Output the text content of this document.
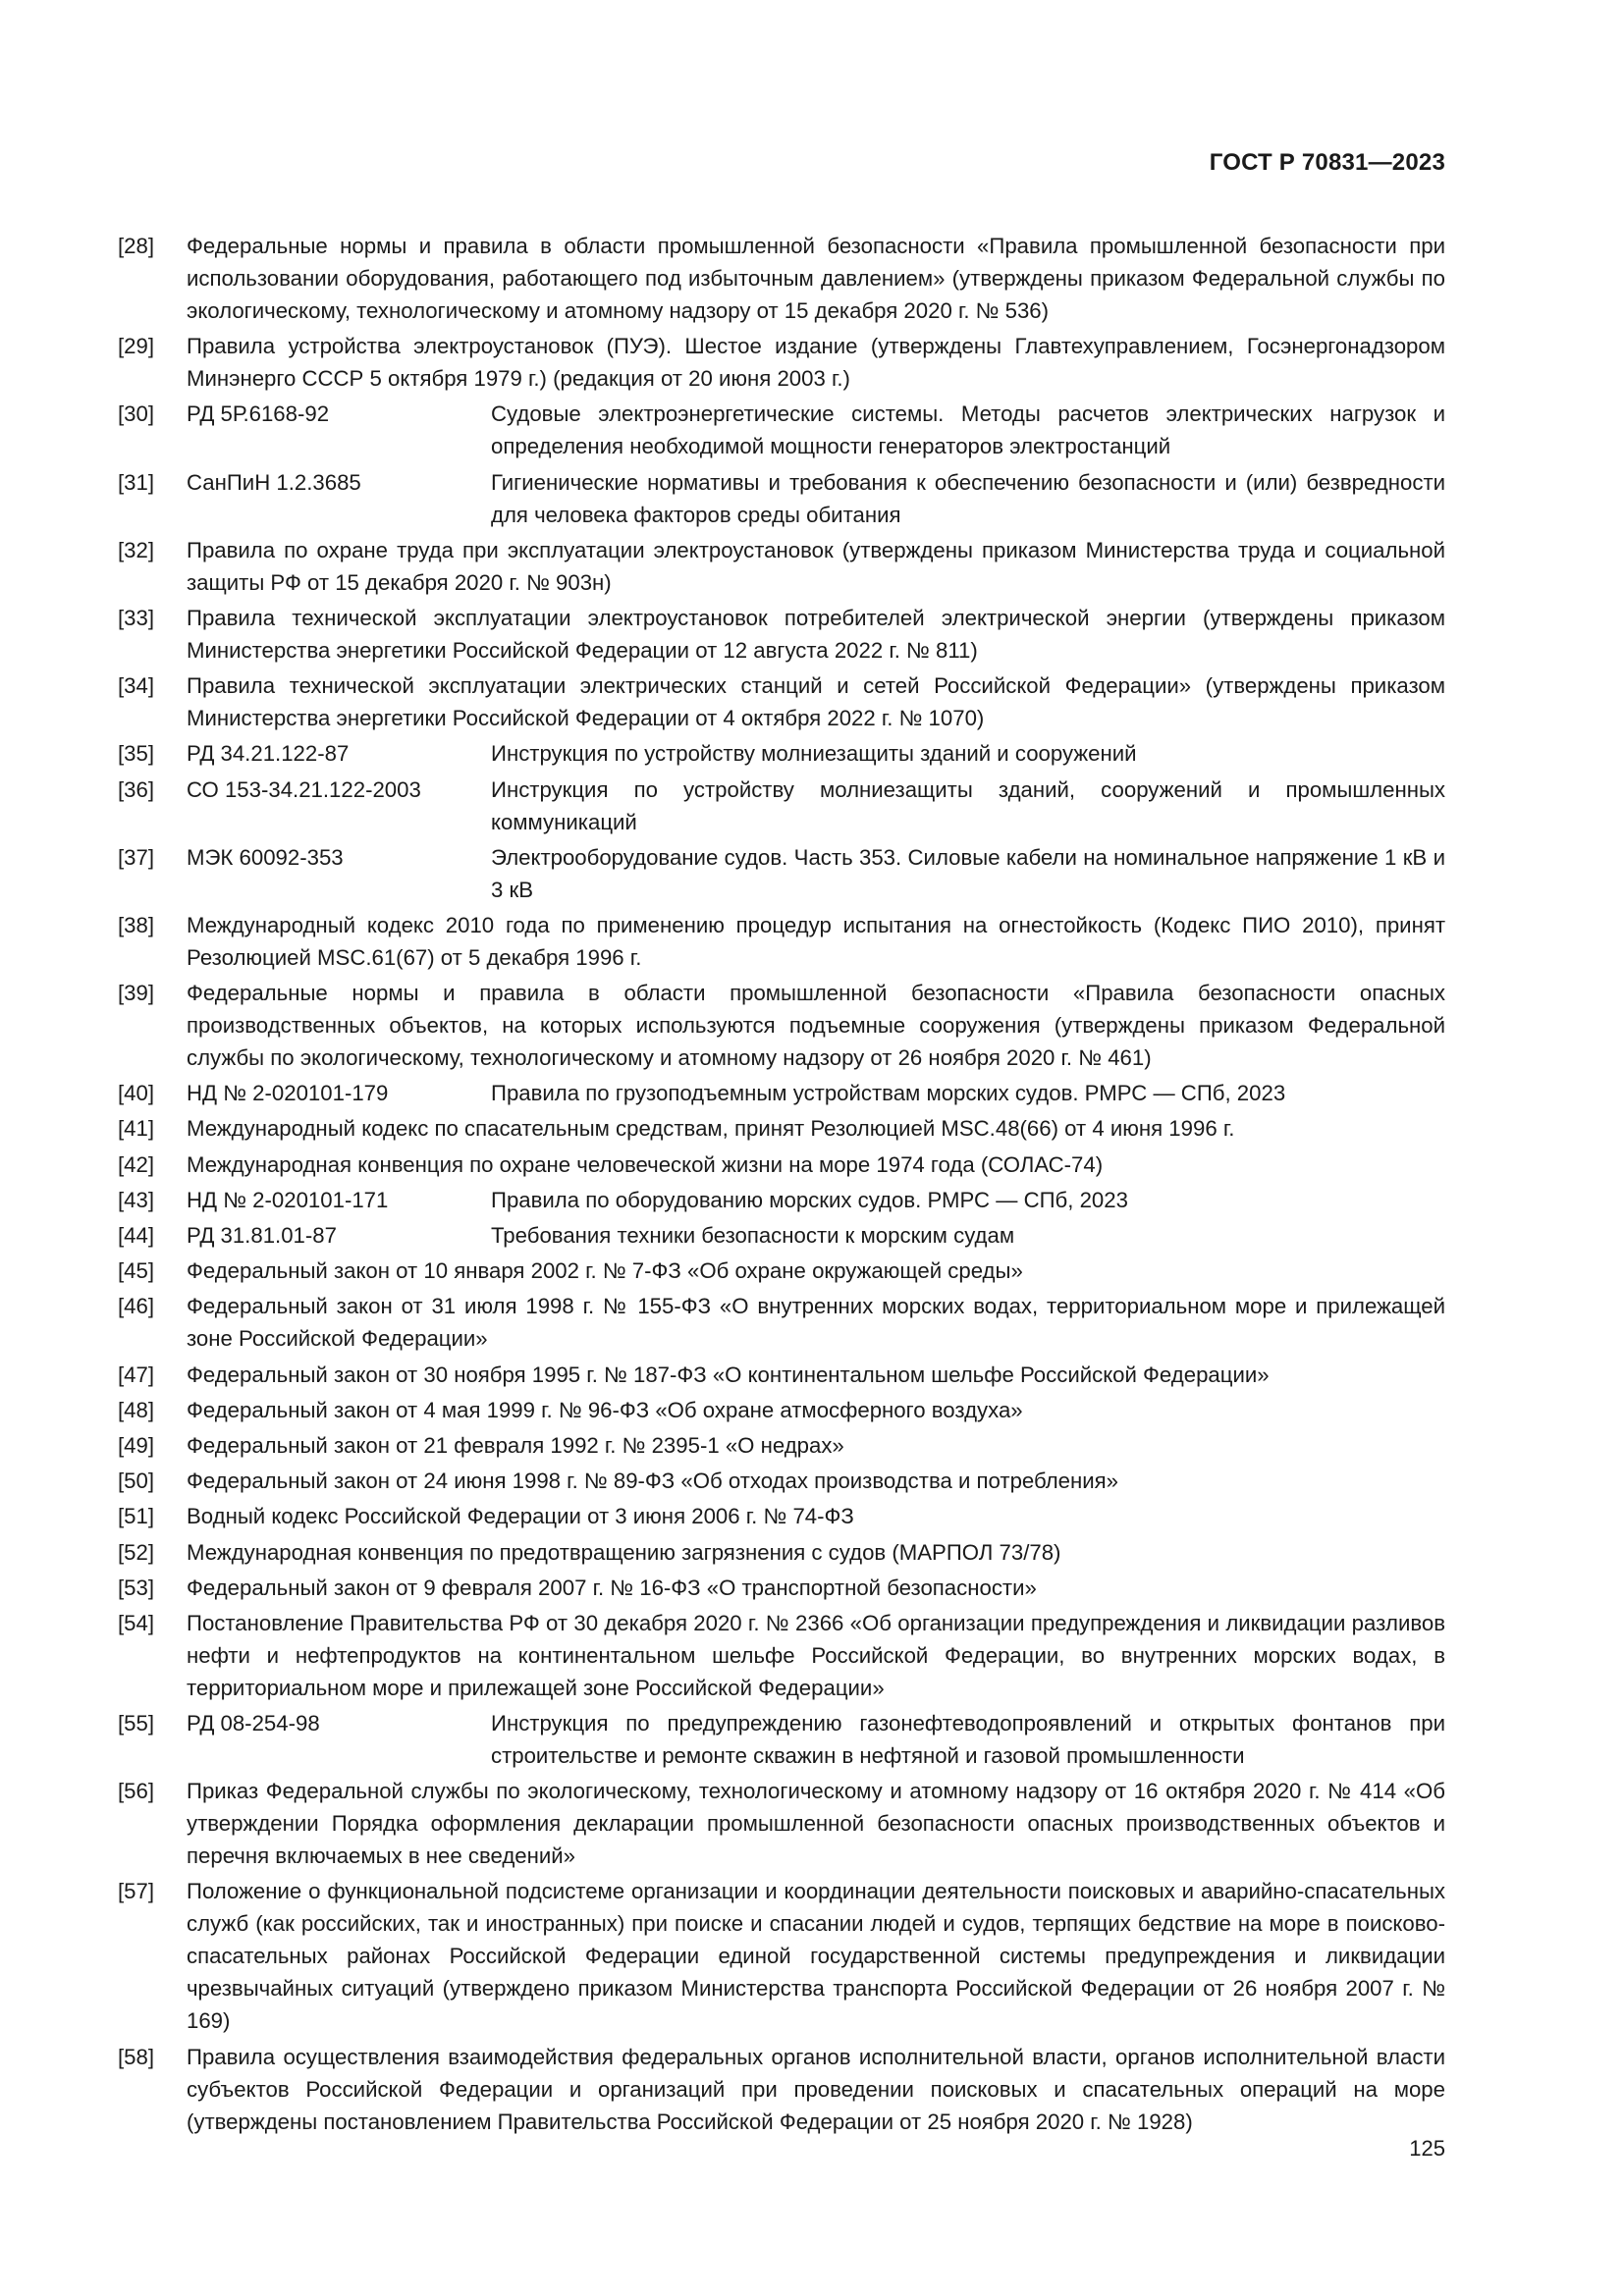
ГОСТ Р 70831—2023
[28]	Федеральные нормы и правила в области промышленной безопасности «Правила промышленной безопасности при использовании оборудования, работающего под избыточным давлением» (утверждены приказом Федеральной службы по экологическому, технологическому и атомному надзору от 15 декабря 2020 г. № 536)
[29]	Правила устройства электроустановок (ПУЭ). Шестое издание (утверждены Главтехуправлением, Госэнергонадзором Минэнерго СССР 5 октября 1979 г.) (редакция от 20 июня 2003 г.)
[30]	РД 5Р.6168-92	Судовые электроэнергетические системы. Методы расчетов электрических нагрузок и определения необходимой мощности генераторов электростанций
[31]	СанПиН 1.2.3685	Гигиенические нормативы и требования к обеспечению безопасности и (или) безвредности для человека факторов среды обитания
[32]	Правила по охране труда при эксплуатации электроустановок (утверждены приказом Министерства труда и социальной защиты РФ от 15 декабря 2020 г. № 903н)
[33]	Правила технической эксплуатации электроустановок потребителей электрической энергии (утверждены приказом Министерства энергетики Российской Федерации от 12 августа 2022 г. № 811)
[34]	Правила технической эксплуатации электрических станций и сетей Российской Федерации» (утверждены приказом Министерства энергетики Российской Федерации от 4 октября 2022 г. № 1070)
[35]	РД 34.21.122-87	Инструкция по устройству молниезащиты зданий и сооружений
[36]	СО 153-34.21.122-2003	Инструкция по устройству молниезащиты зданий, сооружений и промышленных коммуникаций
[37]	МЭК 60092-353	Электрооборудование судов. Часть 353. Силовые кабели на номинальное напряжение 1 кВ и 3 кВ
[38]	Международный кодекс 2010 года по применению процедур испытания на огнестойкость (Кодекс ПИО 2010), принят Резолюцией MSC.61(67) от 5 декабря 1996 г.
[39]	Федеральные нормы и правила в области промышленной безопасности «Правила безопасности опасных производственных объектов, на которых используются подъемные сооружения (утверждены приказом Федеральной службы по экологическому, технологическому и атомному надзору от 26 ноября 2020 г. № 461)
[40]	НД № 2-020101-179	Правила по грузоподъемным устройствам морских судов. РМРС — СПб, 2023
[41]	Международный кодекс по спасательным средствам, принят Резолюцией MSC.48(66) от 4 июня 1996 г.
[42]	Международная конвенция по охране человеческой жизни на море 1974 года (СОЛАС-74)
[43]	НД № 2-020101-171	Правила по оборудованию морских судов. РМРС — СПб, 2023
[44]	РД 31.81.01-87	Требования техники безопасности к морским судам
[45]	Федеральный закон от 10 января 2002 г. № 7-ФЗ «Об охране окружающей среды»
[46]	Федеральный закон от 31 июля 1998 г. № 155-ФЗ «О внутренних морских водах, территориальном море и прилежащей зоне Российской Федерации»
[47]	Федеральный закон от 30 ноября 1995 г. № 187-ФЗ «О континентальном шельфе Российской Федерации»
[48]	Федеральный закон от 4 мая 1999 г. № 96-ФЗ «Об охране атмосферного воздуха»
[49]	Федеральный закон от 21 февраля 1992 г. № 2395-1 «О недрах»
[50]	Федеральный закон от 24 июня 1998 г. № 89-ФЗ «Об отходах производства и потребления»
[51]	Водный кодекс Российской Федерации от 3 июня 2006 г. № 74-ФЗ
[52]	Международная конвенция по предотвращению загрязнения с судов (МАРПОЛ 73/78)
[53]	Федеральный закон от 9 февраля 2007 г. № 16-ФЗ «О транспортной безопасности»
[54]	Постановление Правительства РФ от 30 декабря 2020 г. № 2366 «Об организации предупреждения и ликвидации разливов нефти и нефтепродуктов на континентальном шельфе Российской Федерации, во внутренних морских водах, в территориальном море и прилежащей зоне Российской Федерации»
[55]	РД 08-254-98	Инструкция по предупреждению газонефтеводопроявлений и открытых фонтанов при строительстве и ремонте скважин в нефтяной и газовой промышленности
[56]	Приказ Федеральной службы по экологическому, технологическому и атомному надзору от 16 октября 2020 г. № 414 «Об утверждении Порядка оформления декларации промышленной безопасности опасных производственных объектов и перечня включаемых в нее сведений»
[57]	Положение о функциональной подсистеме организации и координации деятельности поисковых и аварийно-спасательных служб (как российских, так и иностранных) при поиске и спасании людей и судов, терпящих бедствие на море в поисково-спасательных районах Российской Федерации единой государственной системы предупреждения и ликвидации чрезвычайных ситуаций (утверждено приказом Министерства транспорта Российской Федерации от 26 ноября 2007 г. № 169)
[58]	Правила осуществления взаимодействия федеральных органов исполнительной власти, органов исполнительной власти субъектов Российской Федерации и организаций при проведении поисковых и спасательных операций на море (утверждены постановлением Правительства Российской Федерации от 25 ноября 2020 г. № 1928)
125
